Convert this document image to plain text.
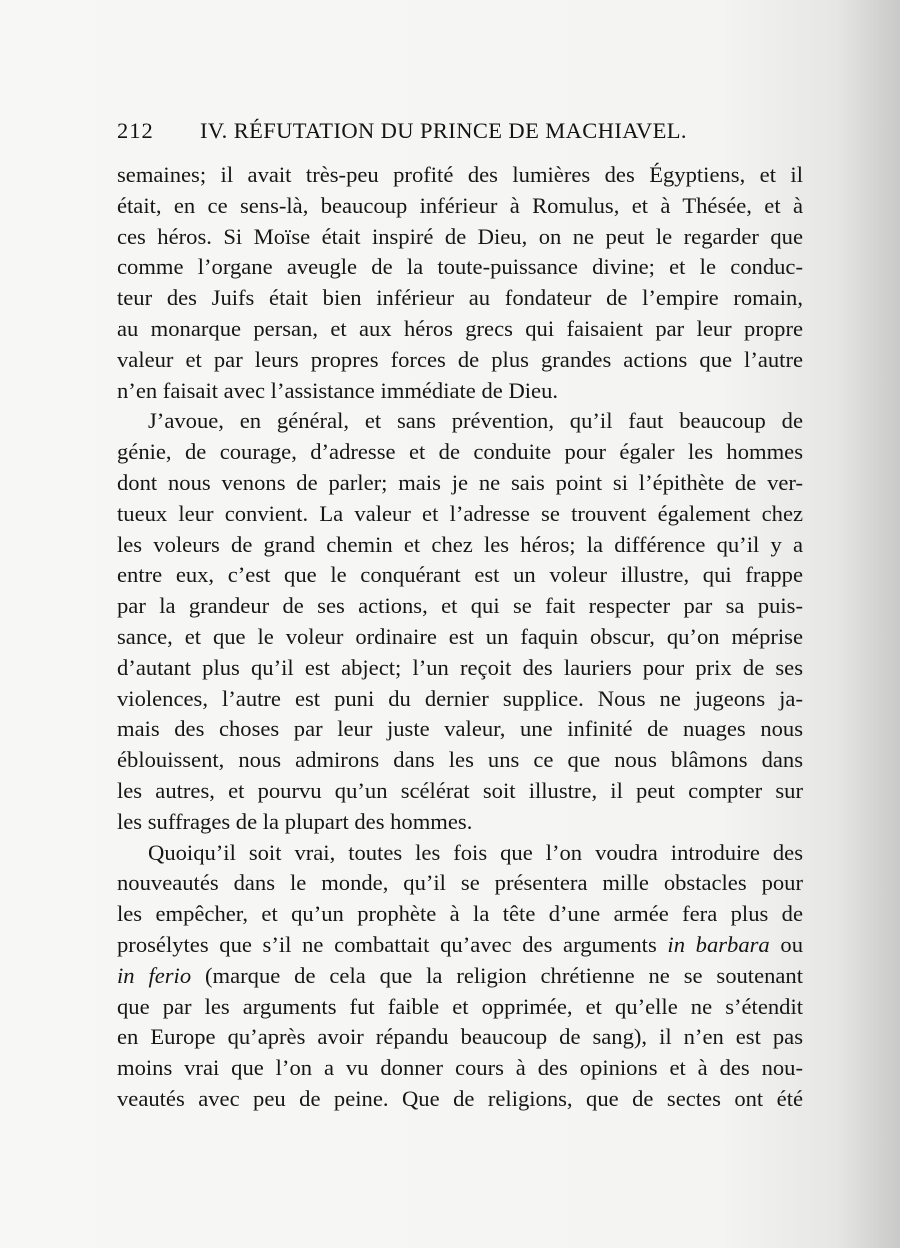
212 IV. RÉFUTATION DU PRINCE DE MACHIAVEL.
semaines; il avait très-peu profité des lumières des Égyptiens, et il
était, en ce sens-là, beaucoup inférieur à Romulus, et à Thésée, et à
ces héros. Si Moïse était inspiré de Dieu, on ne peut le regarder que
comme l’organe aveugle de la toute-puissance divine; et le conduc-
teur des Juifs était bien inférieur au fondateur de l’empire romain,
au monarque persan, et aux héros grecs qui faisaient par leur propre
valeur et par leurs propres forces de plus grandes actions que l’autre
n’en faisait avec l’assistance immédiate de Dieu.
J’avoue, en général, et sans prévention, qu’il faut beaucoup de
génie, de courage, d’adresse et de conduite pour égaler les hommes
dont nous venons de parler; mais je ne sais point si l’épithète de ver-
tueux leur convient. La valeur et l’adresse se trouvent également chez
les voleurs de grand chemin et chez les héros; la différence qu’il y a
entre eux, c’est que le conquérant est un voleur illustre, qui frappe
par la grandeur de ses actions, et qui se fait respecter par sa puis-
sance, et que le voleur ordinaire est un faquin obscur, qu’on méprise
d’autant plus qu’il est abject; l’un reçoit des lauriers pour prix de ses
violences, l’autre est puni du dernier supplice. Nous ne jugeons ja-
mais des choses par leur juste valeur, une infinité de nuages nous
éblouissent, nous admirons dans les uns ce que nous blâmons dans
les autres, et pourvu qu’un scélérat soit illustre, il peut compter sur
les suffrages de la plupart des hommes.
Quoiqu’il soit vrai, toutes les fois que l’on voudra introduire des
nouveautés dans le monde, qu’il se présentera mille obstacles pour
les empêcher, et qu’un prophète à la tête d’une armée fera plus de
prosélytes que s’il ne combattait qu’avec des arguments in barbara ou
in ferio (marque de cela que la religion chrétienne ne se soutenant
que par les arguments fut faible et opprimée, et qu’elle ne s’étendit
en Europe qu’après avoir répandu beaucoup de sang), il n’en est pas
moins vrai que l’on a vu donner cours à des opinions et à des nou-
veautés avec peu de peine. Que de religions, que de sectes ont été
